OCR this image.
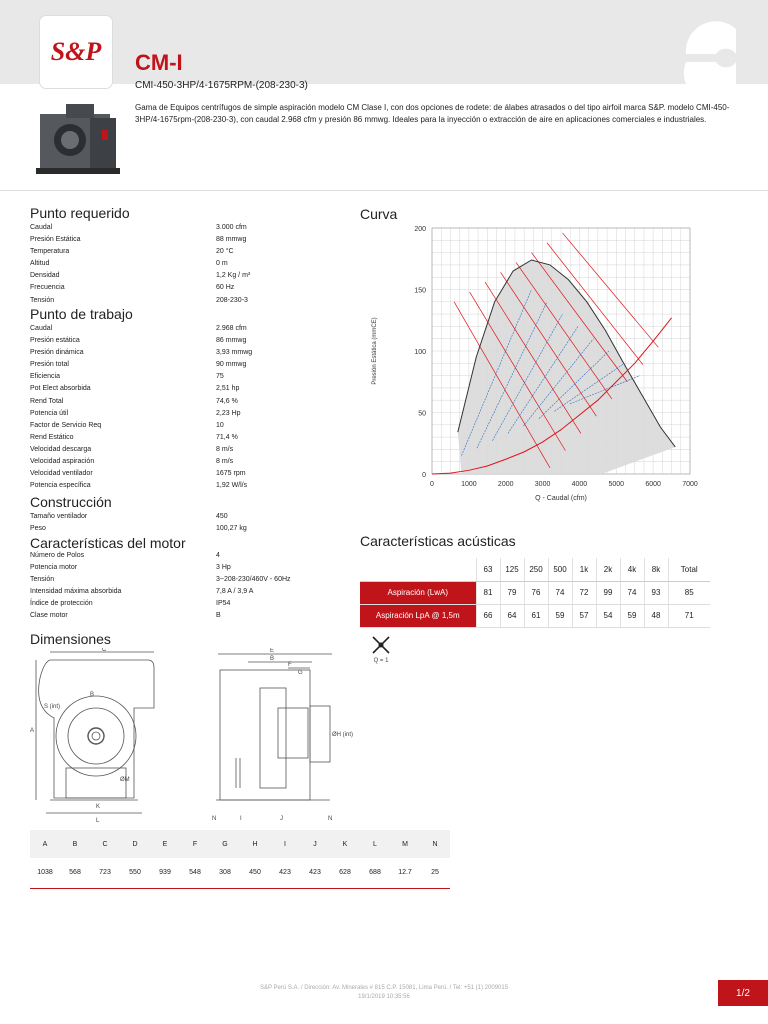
S&P CM-I
CMI-450-3HP/4-1675RPM-(208-230-3)
Gama de Equipos centrífugos de simple aspiración modelo CM Clase I, con dos opciones de rodete: de álabes atrasados o del tipo airfoil marca S&P. modelo CMI-450-3HP/4-1675rpm-(208-230-3), con caudal 2.968 cfm y presión 86 mmwg. Ideales para la inyección o extracción de aire en aplicaciones comerciales e industriales.
Punto requerido
Caudal	3.000 cfm
Presión Estática	88 mmwg
Temperatura	20 °C
Altitud	0 m
Densidad	1,2 Kg / m³
Frecuencia	60 Hz
Tensión	208-230-3
Punto de trabajo
Caudal	2.968 cfm
Presión estática	86 mmwg
Presión dinámica	3,93 mmwg
Presión total	90 mmwg
Eficiencia	75
Pot Elect absorbida	2,51 hp
Rend Total	74,6 %
Potencia útil	2,23 Hp
Factor de Servicio Req	10
Rend Estático	71,4 %
Velocidad descarga	8 m/s
Velocidad aspiración	8 m/s
Velocidad ventilador	1675 rpm
Potencia específica	1,92 W/l/s
Construcción
Tamaño ventilador	450
Peso	100,27 kg
Características del motor
Número de Polos	4
Potencia motor	3 Hp
Tensión	3~208-230/460V - 60Hz
Intensidad máxima absorbida	7,8 A / 3,9 A
Índice de protección	IP54
Clase motor	B
Curva
0	1000	2000	3000	4000	5000	6000	7000
0
50
100
150
200
Q - Caudal (cfm)
Presión Estática (mmCE)
Características acústicas
	63	125	250	500	1k	2k	4k	8k	Total
Aspiración (LwA)	81	79	76	74	72	99	74	93	85
Aspiración LpA @ 1,5m	66	64	61	59	57	54	59	48	71
Q = 1
Dimensiones
C
A
S (int)
ØM
K
L
B
E
B
F
G
ØH (int)
N	I	J	N
A	B	C	D	E	F	G	H	I	J	K	L	M	N
1038	568	723	550	939	548	308	450	423	423	628	688	12.7	25
S&P Perú S.A. / Dirección: Av. Minerales # 815 C.P. 15081, Lima Perú. / Tel: +51 (1) 2009015
19/1/2019 10:35:56	1/2
